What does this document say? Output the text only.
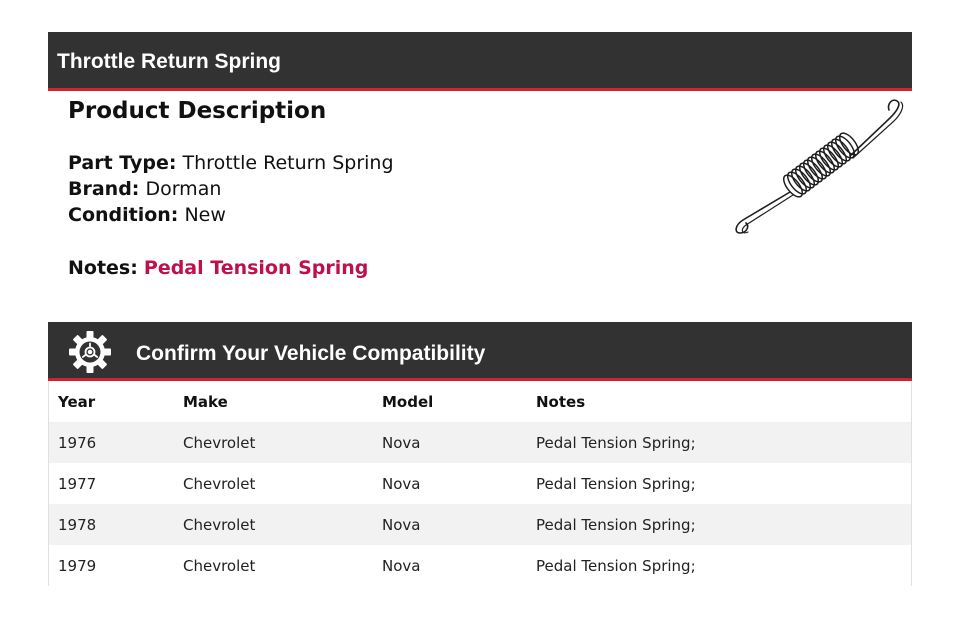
Throttle Return Spring
Product Description
Part Type: Throttle Return Spring
Brand: Dorman
Condition: New
Notes: Pedal Tension Spring
Confirm Your Vehicle Compatibility
Year	Make	Model	Notes
1976	Chevrolet	Nova	Pedal Tension Spring;
1977	Chevrolet	Nova	Pedal Tension Spring;
1978	Chevrolet	Nova	Pedal Tension Spring;
1979	Chevrolet	Nova	Pedal Tension Spring;
